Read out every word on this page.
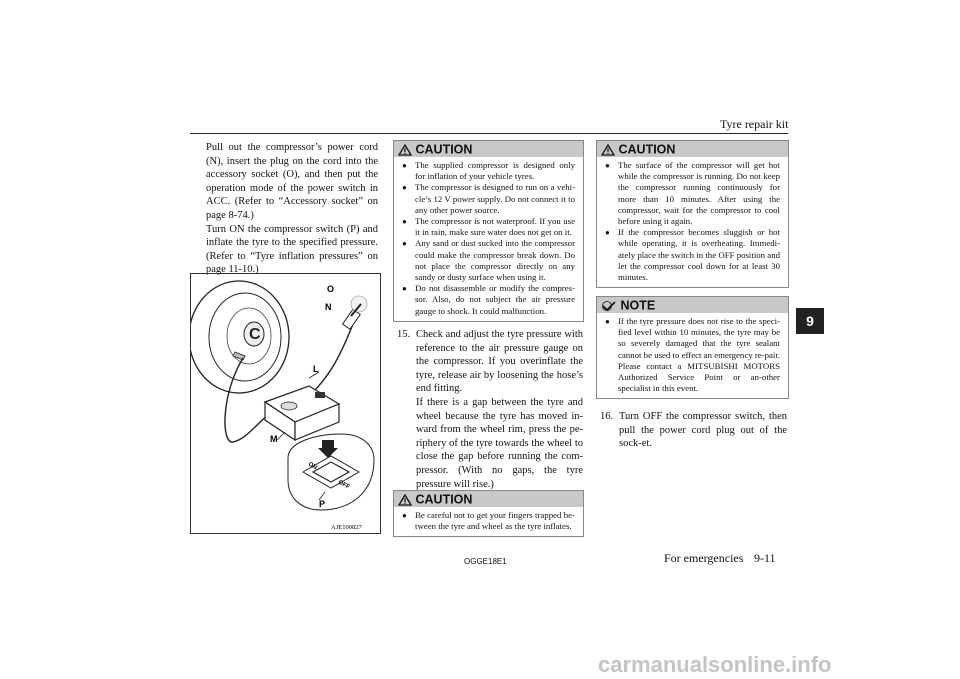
Tyre repair kit
9

Pull out the compressor’s power cord (N), insert the plug on the cord into the accessory socket (O), and then put the operation mode of the power switch in ACC. (Refer to “Accessory socket” on page 8-74.)

Turn ON the compressor switch (P) and inflate the tyre to the specified pressure. (Refer to “Tyre inflation pressures” on page 11-10.)

C
O
N
L
M
P
ON
OFF
AJE100827
CAUTION
● The supplied compressor is designed only for inflation of your vehicle tyres.
● The compressor is designed to run on a vehi-cle’s 12 V power supply. Do not connect it to any other power source.
● The compressor is not waterproof. If you use it in rain, make sure water does not get on it.
● Any sand or dust sucked into the compressor could make the compressor break down. Do not place the compressor directly on any sandy or dusty surface when using it.
● Do not disassemble or modify the compres-sor. Also, do not subject the air pressure gauge to shock. It could malfunction.
15. Check and adjust the tyre pressure with reference to the air pressure gauge on the compressor. If you overinflate the tyre, release air by loosening the hose’s end fitting.
If there is a gap between the tyre and wheel because the tyre has moved in-ward from the wheel rim, press the pe-riphery of the tyre towards the wheel to close the gap before running the com-pressor. (With no gaps, the tyre pressure will rise.)
CAUTION
● Be careful not to get your fingers trapped be-tween the tyre and wheel as the tyre inflates.
CAUTION
● The surface of the compressor will get hot while the compressor is running. Do not keep the compressor running continuously for more than 10 minutes. After using the compressor, wait for the compressor to cool before using it again.
● If the compressor becomes sluggish or hot while operating, it is overheating. Immedi-ately place the switch in the OFF position and let the compressor cool down for at least 30 minutes.
NOTE
● If the tyre pressure does not rise to the speci-fied level within 10 minutes, the tyre may be so severely damaged that the tyre sealant cannot be used to effect an emergency re-pair. Please contact a MITSUBISHI MOTORS Authorized Service Point or an-other specialist in this event.
16. Turn OFF the compressor switch, then pull the power cord plug out of the sock-et.
OGGE18E1	For emergencies 9-11
carmanualsonline.info
